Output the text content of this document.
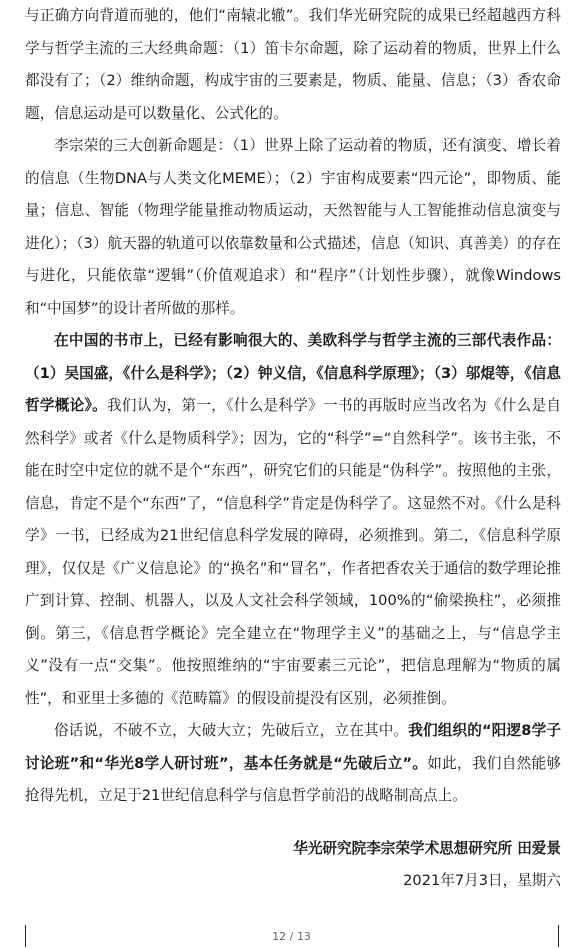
与正确方向背道而驰的，他们“南辕北辙”。我们华光研究院的成果已经超越西方科学与哲学主流的三大经典命题：（1）笛卡尔命题，除了运动着的物质，世界上什么都没有了；（2）维纳命题，构成宇宙的三要素是，物质、能量、信息；（3）香农命题，信息运动是可以数量化、公式化的。

李宗荣的三大创新命题是：（1）世界上除了运动着的物质，还有演变、增长着的信息（生物DNA与人类文化MEME）；（2）宇宙构成要素“四元论”，即物质、能量；信息、智能（物理学能量推动物质运动，天然智能与人工智能推动信息演变与进化）；（3）航天器的轨道可以依靠数量和公式描述，信息（知识、真善美）的存在与进化，只能依靠“逻辑”（价值观追求）和“程序”（计划性步骤），就像Windows和“中国梦”的设计者所做的那样。

在中国的书市上，已经有影响很大的、美欧科学与哲学主流的三部代表作品：（1）吴国盛，《什么是科学》；（2）钟义信，《信息科学原理》；（3）邬焜等，《信息哲学概论》。我们认为，第一，《什么是科学》一书的再版时应当改名为《什么是自然科学》或者《什么是物质科学》；因为，它的“科学”=“自然科学”。该书主张，不能在时空中定位的就不是个“东西”，研究它们的只能是“伪科学”。按照他的主张，信息，肯定不是个“东西”了，“信息科学”肯定是伪科学了。这显然不对。《什么是科学》一书，已经成为21世纪信息科学发展的障碍，必须推到。第二，《信息科学原理》，仅仅是《广义信息论》的“换名”和“冒名”，作者把香农关于通信的数学理论推广到计算、控制、机器人，以及人文社会科学领域，100%的“偷梁换柱”，必须推倒。第三，《信息哲学概论》完全建立在“物理学主义”的基础之上，与“信息学主义”没有一点“交集”。他按照维纳的“宇宙要素三元论”，把信息理解为“物质的属性”，和亚里士多德的《范畴篇》的假设前提没有区别，必须推倒。

俗话说，不破不立，大破大立；先破后立，立在其中。我们组织的“阳逻8学子讨论班”和“华光8学人研讨班”，基本任务就是“先破后立”。如此，我们自然能够抢得先机，立足于21世纪信息科学与信息哲学前沿的战略制高点上。

华光研究院李宗荣学术思想研究所 田爱景
2021年7月3日，星期六
12 / 13
